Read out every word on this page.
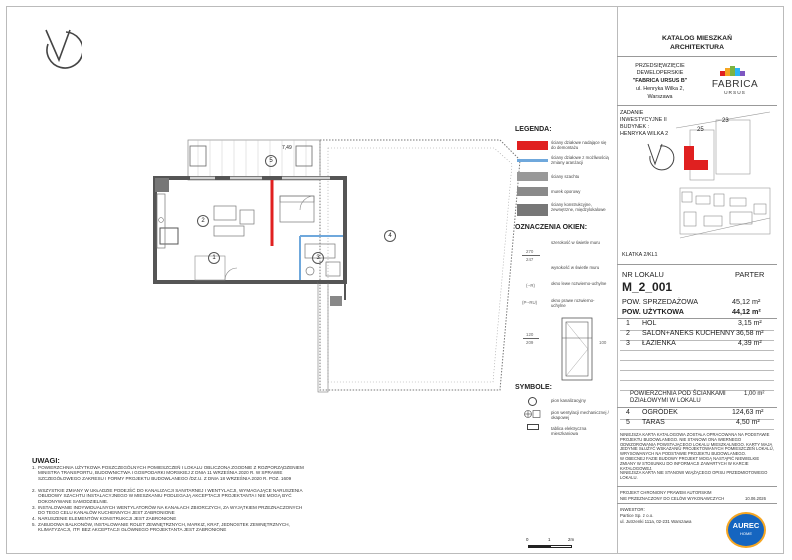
7,49
2
1	3
4
5
0	1	2m
LEGENDA:
ściany działowe nadające się do demontażu
ściany działowe z możliwością zmiany aranżacji
ściany szachtu
murek oporowy
ściany konstrukcyjne, zewnętrzne, międzylokalowe
OZNACZENIA OKIEN:
270
247
szerokość w świetle muru
wysokość w świetle muru
(--R)	okno lewe rozwierno-uchylne
(P--RU)	okno prawe rozwierno-uchylne
120
209	100
SYMBOLE:
pion kanalizacyjny
pion wentylacji mechanicznej / okapowej
tablica elektryczna mieszkaniowa
KATALOG MIESZKAŃ
ARCHITEKTURA
PRZEDSIĘWZIĘCIE
DEWELOPERSKIE
"FABRICA URSUS B"
ul. Henryka Wilka 2,
Warszawa
FABRICA
URSUS
ZADANIE
INWESTYCYJNE II
BUDYNEK :
HENRYKA WILKA 2
23
25
KLATKA 2/KL1
NR LOKALU	PARTER
M_2_001
POW. SPRZEDAŻOWA	45,12 m²
POW. UŻYTKOWA	44,12 m²
1 HOL	3,15 m²
2 SALON+ANEKS KUCHENNY 36,58 m²
3 ŁAZIENKA	4,39 m²
POWIERZCHNIA POD ŚCIANKAMI DZIAŁOWYMI W LOKALU
1,00 m²
4 OGRÓDEK	124,63 m²
5 TARAS	4,50 m²
NINIEJSZA KARTA KATALOGOWA ZOSTAŁA OPRACOWANA NA PODSTAWIE
PROJEKTU BUDOWLANEGO. NIE STANOWI ONA WIERNEGO
ODWZOROWANIA POWSTAJĄCEGO LOKALU MIESZKALNEGO. KARTY MAJĄ
JEDYNIE SŁUŻYĆ WSKAZANIU PROJEKTOWANYCH POMIESZCZEŃ LOKALU,
WRYSOWANYCH NA PODSTAWIE PROJEKTU BUDOWLANEGO.
W OBECNEJ FAZIE BUDOWY PROJEKT MOGĄ NASTĄPIĆ NIEWIELKIE
ZMIANY W STOSUNKU DO INFORMACJI ZAWARTYCH W KARCIE
KATALOGOWEJ.
NINIEJSZA KARTA NIE STANOWI WIĄŻĄCEGO OPISU PRZEDMIOTOWEGO
LOKALU.
PROJEKT CHRONIONY PRAWEM AUTORSKIM
NIE PRZEZNACZONY DO CELÓW WYKONAWCZYCH	10.06.2026
INWESTOR:
Partice Sp. z o.o.
ul. Jutrzenki 111a, 02-231 Warszawa	AUREC
HOME
UWAGI:
1. POWIERZCHNIA UŻYTKOWA POSZCZEGÓLNYCH POMIESZCZEŃ I LOKALU OBLICZONA ZGODNIE Z ROZPORZĄDZENIEM MINISTRA TRANSPORTU, BUDOWNICTWA I GOSPODARKI MORSKIEJ Z DNIA 11 WRZEŚNIA 2020 R. W SPRAWIE SZCZEGÓŁOWEGO ZAKRESU I FORMY PROJEKTU BUDOWLANEGO /DZ.U. Z DNIA 18 WRZEŚNIA 2020 R. POZ. 1609
2. WSZYSTKIE ZMIANY W UKŁADZIE PODEJŚĆ DO KANALIZACJI SANITARNEJ I WENTYLACJI, WYMAGAJĄCE NARUSZENIA OBUDOWY SZACHTU INSTALACYJNEGO W MIESZKANIU PODLEGAJĄ AKCEPTACJI PROJEKTANTA I NIE MOGĄ BYĆ DOKONYWANE SAMODZIELNIE.
3. INSTALOWANIE INDYWIDUALNYCH WENTYLATORÓW NA KANAŁACH ZBIORCZYCH, ZA WYJĄTKIEM PRZEZNACZONYCH DO TEGO CELU KANAŁÓW KUCHENNYCH JEST ZABRONIONE
4. NARUSZENIE ELEMENTÓW KONSTRUKCJI JEST ZABRONIONE
5. ZABUDOWA BALKONÓW, INSTALOWANIE ROLET ZEWNĘTRZNYCH, MARKIZ, KRAT, JEDNOSTEK ZEWNĘTRZNYCH, KLIMATYZACJI, ITP. BEZ AKCEPTACJI GŁÓWNEGO PROJEKTANTA JEST ZABRONIONE
